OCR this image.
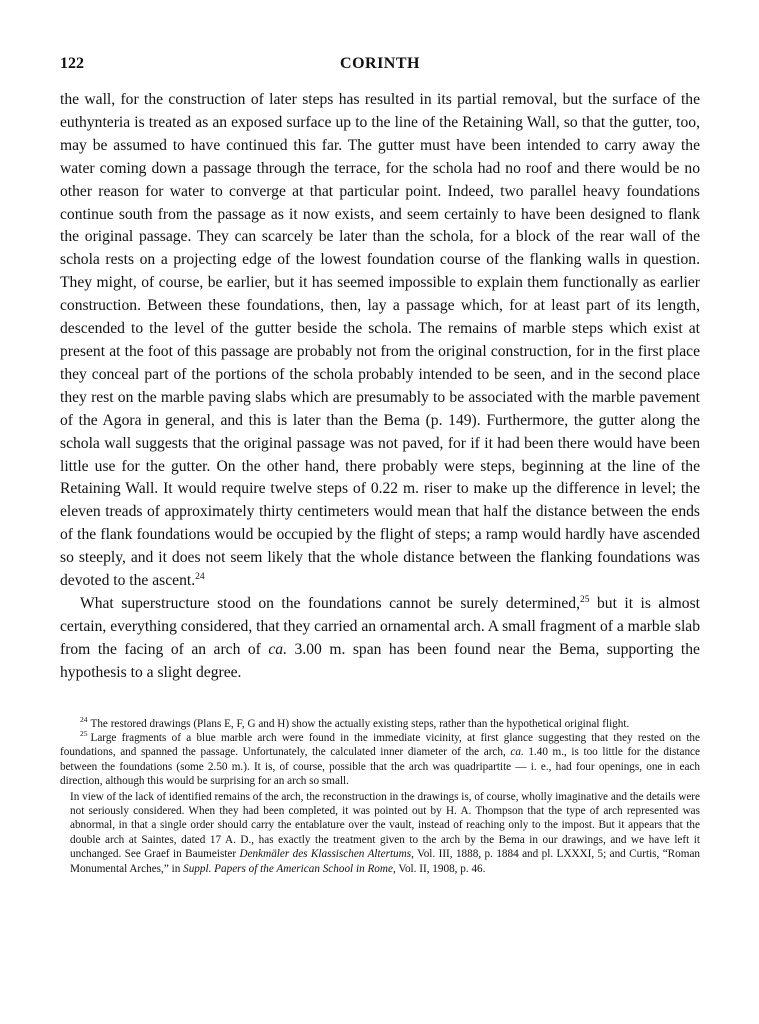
122	CORINTH

the wall, for the construction of later steps has resulted in its partial removal, but the surface of the euthynteria is treated as an exposed surface up to the line of the Retaining Wall, so that the gutter, too, may be assumed to have continued this far. The gutter must have been intended to carry away the water coming down a passage through the terrace, for the schola had no roof and there would be no other reason for water to converge at that particular point. Indeed, two parallel heavy foundations continue south from the passage as it now exists, and seem certainly to have been designed to flank the original passage. They can scarcely be later than the schola, for a block of the rear wall of the schola rests on a projecting edge of the lowest foundation course of the flanking walls in question. They might, of course, be earlier, but it has seemed impossible to explain them functionally as earlier construction. Between these foundations, then, lay a passage which, for at least part of its length, descended to the level of the gutter beside the schola. The remains of marble steps which exist at present at the foot of this passage are probably not from the original construction, for in the first place they conceal part of the portions of the schola probably intended to be seen, and in the second place they rest on the marble paving slabs which are presumably to be associated with the marble pavement of the Agora in general, and this is later than the Bema (p. 149). Furthermore, the gutter along the schola wall suggests that the original passage was not paved, for if it had been there would have been little use for the gutter. On the other hand, there probably were steps, beginning at the line of the Retaining Wall. It would require twelve steps of 0.22 m. riser to make up the difference in level; the eleven treads of approximately thirty centimeters would mean that half the distance between the ends of the flank foundations would be occupied by the flight of steps; a ramp would hardly have ascended so steeply, and it does not seem likely that the whole distance between the flanking foundations was devoted to the ascent.$^{24}$

What superstructure stood on the foundations cannot be surely determined,$^{25}$ but it is almost certain, everything considered, that they carried an ornamental arch. A small fragment of a marble slab from the facing of an arch of ca. 3.00 m. span has been found near the Bema, supporting the hypothesis to a slight degree.

$^{24}$ The restored drawings (Plans E, F, G and H) show the actually existing steps, rather than the hypothetical original flight.

$^{25}$ Large fragments of a blue marble arch were found in the immediate vicinity, at first glance suggesting that they rested on the foundations, and spanned the passage. Unfortunately, the calculated inner diameter of the arch, ca. 1.40 m., is too little for the distance between the foundations (some 2.50 m.). It is, of course, possible that the arch was quadripartite — i. e., had four openings, one in each direction, although this would be surprising for an arch so small.

In view of the lack of identified remains of the arch, the reconstruction in the drawings is, of course, wholly imaginative and the details were not seriously considered. When they had been completed, it was pointed out by H. A. Thompson that the type of arch represented was abnormal, in that a single order should carry the entablature over the vault, instead of reaching only to the impost. But it appears that the double arch at Saintes, dated 17 A. D., has exactly the treatment given to the arch by the Bema in our drawings, and we have left it unchanged. See Graef in Baumeister Denkmäler des Klassischen Altertums, Vol. III, 1888, p. 1884 and pl. LXXXI, 5; and Curtis, “Roman Monumental Arches,” in Suppl. Papers of the American School in Rome, Vol. II, 1908, p. 46.
